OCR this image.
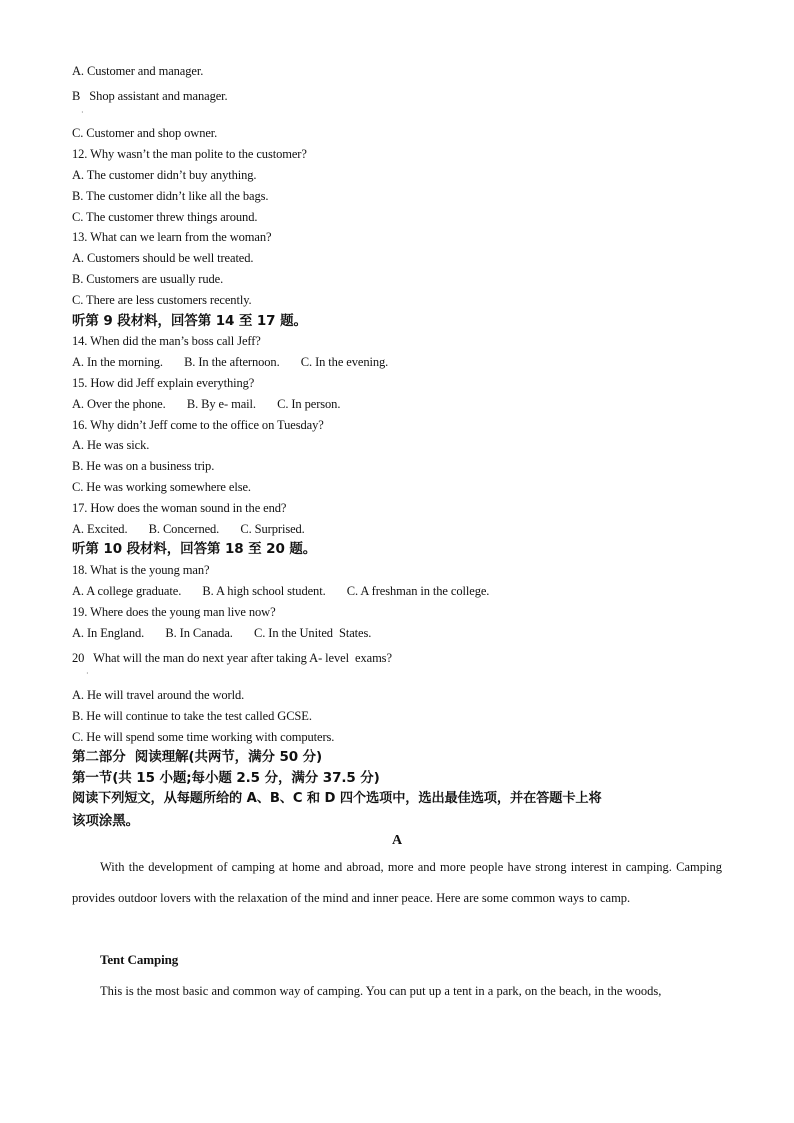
A. Customer and manager.
B   Shop assistant and manager.
·
C. Customer and shop owner.
12. Why wasn’t the man polite to the customer?
A. The customer didn’t buy anything.
B. The customer didn’t like all the bags.
C. The customer threw things around.
13. What can we learn from the woman?
A. Customers should be well treated.
B. Customers are usually rude.
C. There are less customers recently.
听第 9 段材料，回答第 14 至 17 题。
14. When did the man’s boss call Jeff?
A. In the morning.       B. In the afternoon.       C. In the evening.
15. How did Jeff explain everything?
A. Over the phone.       B. By e- mail.       C. In person.
16. Why didn’t Jeff come to the office on Tuesday?
A. He was sick.
B. He was on a business trip.
C. He was working somewhere else.
17. How does the woman sound in the end?
A. Excited.       B. Concerned.       C. Surprised.
听第 10 段材料，回答第 18 至 20 题。
18. What is the young man?
A. A college graduate.       B. A high school student.       C. A freshman in the college.
19. Where does the young man live now?
A. In England.       B. In Canada.       C. In the United  States.
20   What will the man do next year after taking A- level  exams?
·
A. He will travel around the world.
B. He will continue to take the test called GCSE.
C. He will spend some time working with computers.
第二部分  阅读理解(共两节，满分 50 分)
第一节(共 15 小题;每小题 2.5 分，满分 37.5 分)
阅读下列短文，从每题所给的 A、B、C 和 D 四个选项中，选出最佳选项，并在答题卡上将
该项涂黑。
A
With the development of camping at home and abroad, more and more people have strong interest in camping. Camping provides outdoor lovers with the relaxation of the mind and inner peace. Here are some common ways to camp.
Tent Camping
This is the most basic and common way of camping. You can put up a tent in a park, on the beach, in the woods,
